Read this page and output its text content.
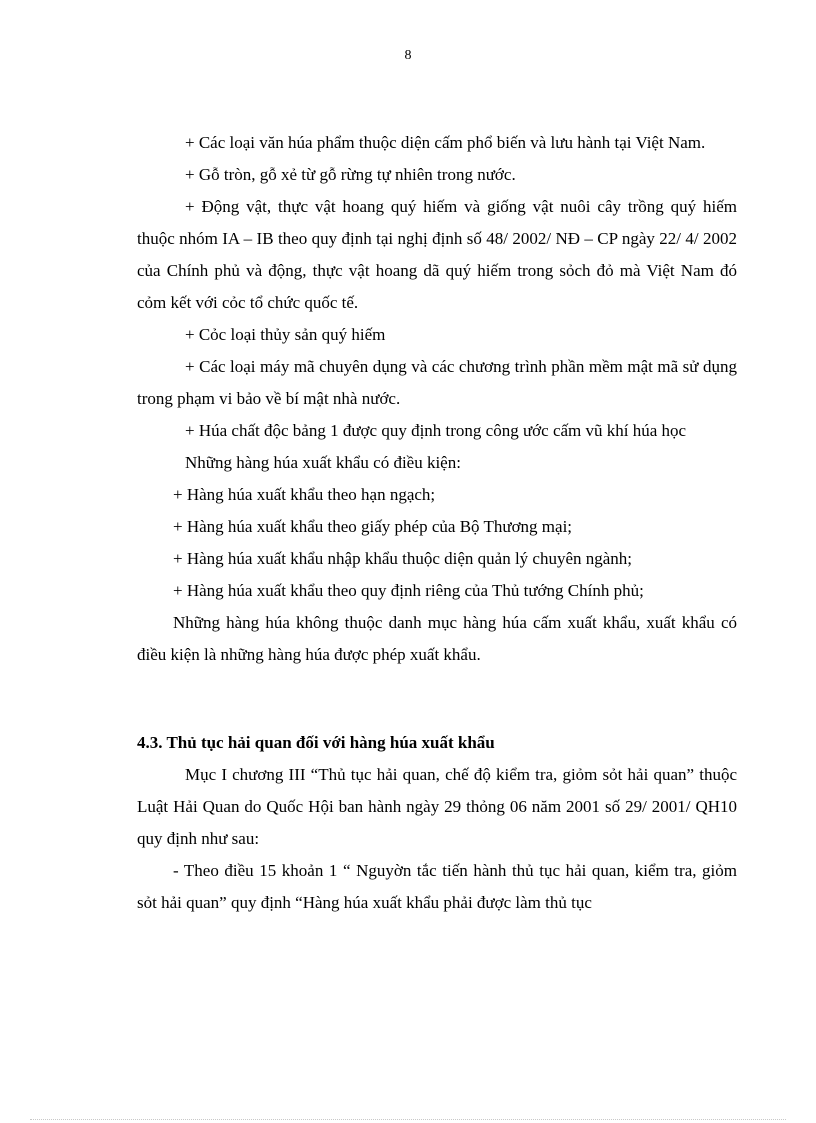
8

+ Các loại văn húa phẩm thuộc diện cấm phổ biến và lưu hành tại Việt Nam.

+ Gỗ tròn, gỗ xẻ từ gỗ rừng tự nhiên trong nước.

+ Động vật, thực vật hoang quý hiếm và giống vật nuôi cây trồng quý hiếm thuộc nhóm IA – IB theo quy định tại nghị định số 48/ 2002/ NĐ – CP ngày 22/ 4/ 2002 của Chính phủ và động, thực vật hoang dã quý hiếm trong sỏch đỏ mà Việt Nam đó cỏm kết với cỏc tổ chức quốc tế.

+ Cỏc loại thủy sản quý hiếm

+ Các loại máy mã chuyên dụng và các chương trình phần mềm mật mã sử dụng trong phạm vi bảo về bí mật nhà nước.

+ Húa chất độc bảng 1 được quy định trong công ước cấm vũ khí húa học

Những hàng húa xuất khẩu có điều kiện:

+ Hàng húa xuất khẩu theo hạn ngạch;

+ Hàng húa xuất khẩu theo giấy phép của Bộ Thương mại;

+ Hàng húa xuất khẩu nhập khẩu thuộc diện quản lý chuyên ngành;

+ Hàng húa xuất khẩu theo quy định riêng của Thủ tướng Chính phủ;

Những hàng húa không thuộc danh mục hàng húa cấm xuất khẩu, xuất khẩu có điều kiện là những hàng húa được phép xuất khẩu.

4.3. Thủ tục hải quan đối với hàng húa xuất khẩu

Mục I chương III “Thủ tục hải quan, chế độ kiểm tra, giỏm sỏt hải quan” thuộc Luật Hải Quan do Quốc Hội ban hành ngày 29 thỏng 06 năm 2001 số 29/ 2001/ QH10 quy định như sau:

- Theo điều 15 khoản 1 “ Nguyờn tắc tiến hành thủ tục hải quan, kiểm tra, giỏm sỏt hải quan” quy định “Hàng húa xuất khẩu phải được làm thủ tục
